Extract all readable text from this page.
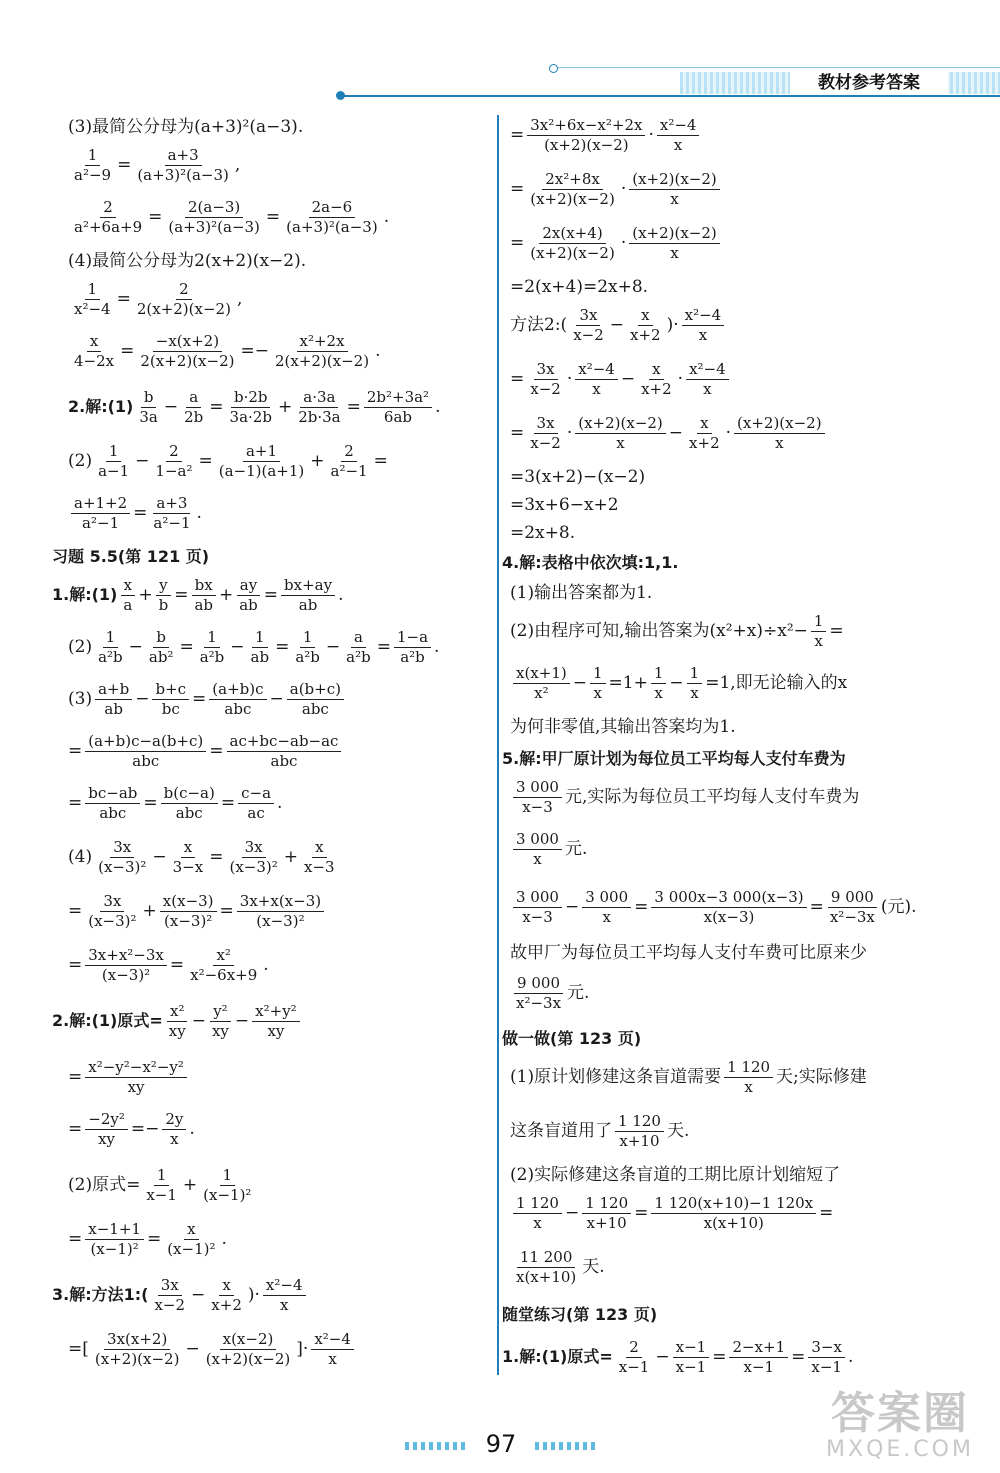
教材参考答案
(3)最简公分母为(a+3)²(a−3).
$\frac{1}{\text{a²−9}} = \frac{a+3}{\text{(a+3)²(a−3)}}$ ,
$\frac{2}{\text{a²+6a+9}} = \frac{2(a-3)}{\text{(a+3)²(a−3)}} = \frac{2a-6}{\text{(a+3)²(a−3)}}$ .
(4)最简公分母为2(x+2)(x−2).
$\frac{1}{\text{x²−4}} = \frac{2}{2(x+2)(x-2)}$ ,
$\frac{x}{4-2x} = \frac{-x(x+2)}{2(x+2)(x-2)} =- \frac{\text{x²+2x}}{2(x+2)(x-2)}$ .
2.解:(1) $\frac{b}{3a} - \frac{a}{2b} = \frac{b\cdot 2b}{3a\cdot 2b} + \frac{a\cdot 3a}{2b\cdot 3a} = \frac{\text{2b²+3a²}}{6ab}$ .
$(2) \frac{1}{a-1} - \frac{2}{\text{1−a²}} = \frac{a+1}{(a-1)(a+1)} + \frac{2}{\text{a²−1}}$ =
$\frac{a+1+2}{\text{a²−1}} = \frac{a+3}{\text{a²−1}}$ .
习题 5.5(第 121 页)
1.解:(1) $\frac{x}{a} + \frac{y}{b} = \frac{bx}{ab} + \frac{ay}{ab} = \frac{bx+ay}{ab}$ .
$(2) \frac{1}{\text{a²b}} - \frac{b}{\text{ab²}} = \frac{1}{\text{a²b}} - \frac{1}{ab} = \frac{1}{\text{a²b}} - \frac{a}{\text{a²b}} = \frac{1-a}{\text{a²b}}$ .
$(3) \frac{a+b}{ab} - \frac{b+c}{bc} = \frac{(a+b)c}{\text{abc}} - \frac{a(b+c)}{\text{abc}}$
= $\frac{(a+b)c-a(b+c)}{\text{abc}} = \frac{ac+bc-ab-ac}{\text{abc}}$
= $\frac{bc-ab}{\text{abc}} = \frac{b(c-a)}{\text{abc}} = \frac{c-a}{ac}$ .
$(4) \frac{3x}{\text{(x−3)²}} - \frac{x}{3-x} = \frac{3x}{\text{(x−3)²}} + \frac{x}{x-3}$
= $\frac{3x}{\text{(x−3)²}} + \frac{x(x-3)}{\text{(x−3)²}} = \frac{3x+x(x-3)}{\text{(x−3)²}}$
= $\frac{\text{3x+x²−3x}}{\text{(x−3)²}} = \frac{\text{x²}}{\text{x²−6x+9}}$ .
2.解:(1)原式= $\frac{\text{x²}}{xy} - \frac{\text{y²}}{xy} - \frac{\text{x²+y²}}{xy}$
= $\frac{\text{x²−y²−x²−y²}}{xy}$
= $\frac{\text{−2y²}}{xy} =- \frac{2y}{x}$ .
(2)原式= $\frac{1}{x-1} + \frac{1}{\text{(x−1)²}}$
= $\frac{x-1+1}{\text{(x−1)²}} = \frac{x}{\text{(x−1)²}}$ .
3.解:方法1:( $\frac{3x}{x-2} - \frac{x}{x+2}$ )· $\frac{\text{x²−4}}{x}$
=[ $\frac{3x(x+2)}{(x+2)(x-2)} - \frac{x(x-2)}{(x+2)(x-2)}$ ]· $\frac{\text{x²−4}}{x}$
= $\frac{\text{3x²+6x−x²+2x}}{(x+2)(x-2)} \cdot \frac{\text{x²−4}}{x}$
= $\frac{\text{2x²+8x}}{(x+2)(x-2)} \cdot \frac{(x+2)(x-2)}{x}$
= $\frac{2x(x+4)}{(x+2)(x-2)} \cdot \frac{(x+2)(x-2)}{x}$
=2(x+4)=2x+8.
方法2:( $\frac{3x}{x-2} - \frac{x}{x+2}$ )· $\frac{\text{x²−4}}{x}$
= $\frac{3x}{x-2} \cdot \frac{\text{x²−4}}{x} - \frac{x}{x+2} \cdot \frac{\text{x²−4}}{x}$
= $\frac{3x}{x-2} \cdot \frac{(x+2)(x-2)}{x} - \frac{x}{x+2} \cdot \frac{(x+2)(x-2)}{x}$
=3(x+2)−(x−2)
=3x+6−x+2
=2x+8.
4.解:表格中依次填:1,1.
(1)输出答案都为1.
(2)由程序可知,输出答案为$(x^2+x)\div x^2- \frac{1}{x}$ =
$\frac{x(x+1)}{\text{x²}} - \frac{1}{x} =1+ \frac{1}{x} - \frac{1}{x} =1$,即无论输入的x
为何非零值,其输出答案均为1.
5.解:甲厂原计划为每位员工平均每人支付车费为
$\frac{3 000}{x-3}$ 元,实际为每位员工平均每人支付车费为
$\frac{3 000}{x}$ 元.
$\frac{3 000}{x-3} - \frac{3 000}{x} = \frac{3 000x-3 000(x-3)}{x(x-3)} = \frac{9 000}{\text{x²−3x}}$ (元).
故甲厂为每位员工平均每人支付车费可比原来少
$\frac{9 000}{\text{x²−3x}}$ 元.
做一做(第 123 页)
(1)原计划修建这条盲道需要 $\frac{1 120}{x}$ 天;实际修建
这条盲道用了 $\frac{1 120}{x+10}$ 天.
(2)实际修建这条盲道的工期比原计划缩短了
$\frac{1 120}{x} - \frac{1 120}{x+10} = \frac{1 120(x+10)-1 120x}{x(x+10)}$ =
$\frac{11 200}{x(x+10)}$ 天.
随堂练习(第 123 页)
1.解:(1)原式= $\frac{2}{x-1} - \frac{x-1}{x-1} = \frac{2-x+1}{x-1} = \frac{3-x}{x-1}$ .
97
答案圈
MXQE.COM
